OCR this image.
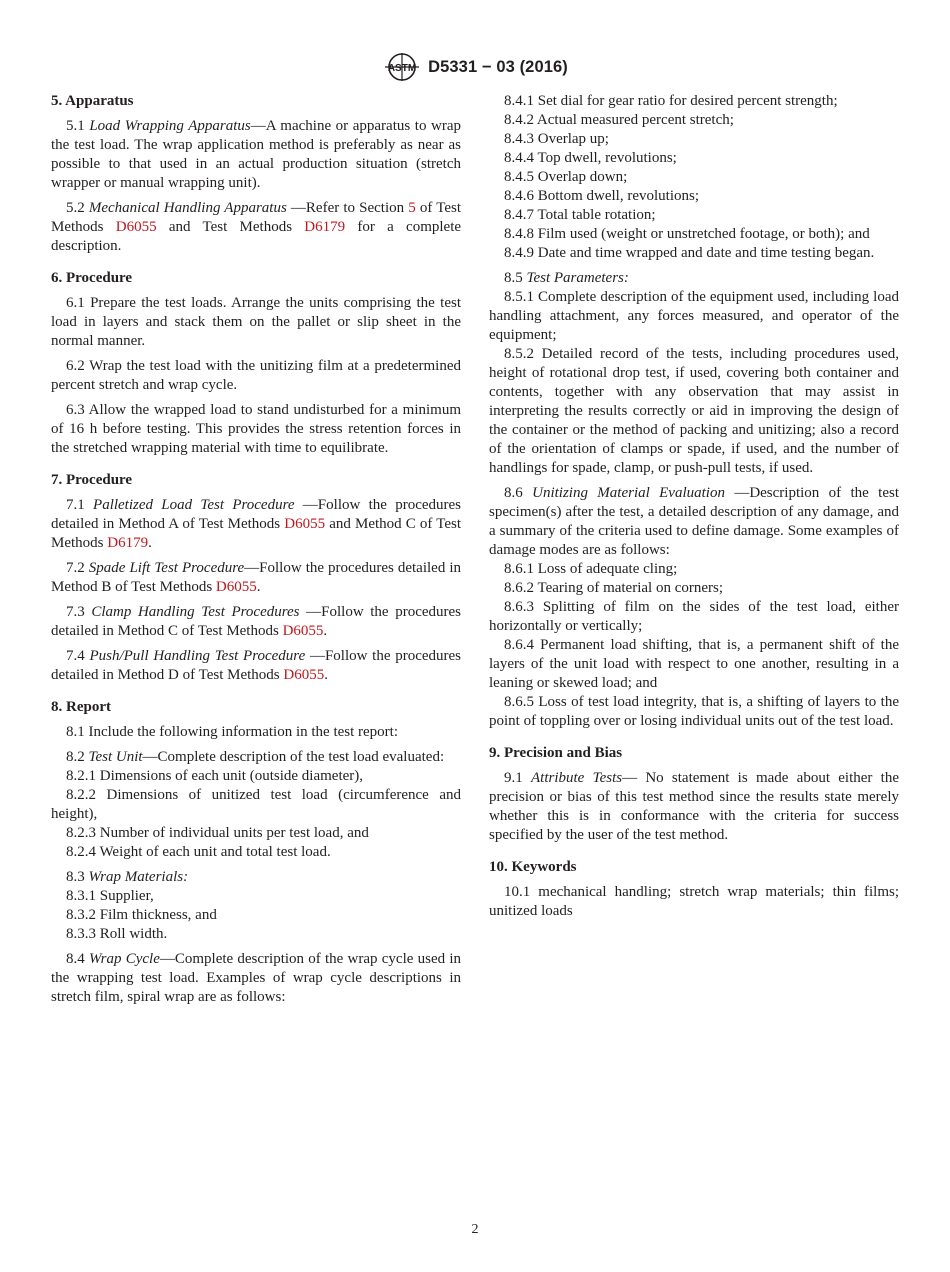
ASTM D5331 − 03 (2016)

5. Apparatus

5.1 Load Wrapping Apparatus—A machine or apparatus to wrap the test load. The wrap application method is preferably as near as possible to that used in an actual production situation (stretch wrapper or manual wrapping unit).

5.2 Mechanical Handling Apparatus —Refer to Section 5 of Test Methods D6055 and Test Methods D6179 for a complete description.

6. Procedure

6.1 Prepare the test loads. Arrange the units comprising the test load in layers and stack them on the pallet or slip sheet in the normal manner.

6.2 Wrap the test load with the unitizing film at a predetermined percent stretch and wrap cycle.

6.3 Allow the wrapped load to stand undisturbed for a minimum of 16 h before testing. This provides the stress retention forces in the stretched wrapping material with time to equilibrate.

7. Procedure

7.1 Palletized Load Test Procedure —Follow the procedures detailed in Method A of Test Methods D6055 and Method C of Test Methods D6179.

7.2 Spade Lift Test Procedure—Follow the procedures detailed in Method B of Test Methods D6055.

7.3 Clamp Handling Test Procedures —Follow the procedures detailed in Method C of Test Methods D6055.

7.4 Push/Pull Handling Test Procedure —Follow the procedures detailed in Method D of Test Methods D6055.

8. Report

8.1 Include the following information in the test report:

8.2 Test Unit—Complete description of the test load evaluated:

8.2.1 Dimensions of each unit (outside diameter),

8.2.2 Dimensions of unitized test load (circumference and height),

8.2.3 Number of individual units per test load, and

8.2.4 Weight of each unit and total test load.

8.3 Wrap Materials:

8.3.1 Supplier,

8.3.2 Film thickness, and

8.3.3 Roll width.

8.4 Wrap Cycle—Complete description of the wrap cycle used in the wrapping test load. Examples of wrap cycle descriptions in stretch film, spiral wrap are as follows:

8.4.1 Set dial for gear ratio for desired percent strength;

8.4.2 Actual measured percent stretch;

8.4.3 Overlap up;

8.4.4 Top dwell, revolutions;

8.4.5 Overlap down;

8.4.6 Bottom dwell, revolutions;

8.4.7 Total table rotation;

8.4.8 Film used (weight or unstretched footage, or both); and

8.4.9 Date and time wrapped and date and time testing began.

8.5 Test Parameters:

8.5.1 Complete description of the equipment used, including load handling attachment, any forces measured, and operator of the equipment;

8.5.2 Detailed record of the tests, including procedures used, height of rotational drop test, if used, covering both container and contents, together with any observation that may assist in interpreting the results correctly or aid in improving the design of the container or the method of packing and unitizing; also a record of the orientation of clamps or spade, if used, and the number of handlings for spade, clamp, or push-pull tests, if used.

8.6 Unitizing Material Evaluation —Description of the test specimen(s) after the test, a detailed description of any damage, and a summary of the criteria used to define damage. Some examples of damage modes are as follows:

8.6.1 Loss of adequate cling;

8.6.2 Tearing of material on corners;

8.6.3 Splitting of film on the sides of the test load, either horizontally or vertically;

8.6.4 Permanent load shifting, that is, a permanent shift of the layers of the unit load with respect to one another, resulting in a leaning or skewed load; and

8.6.5 Loss of test load integrity, that is, a shifting of layers to the point of toppling over or losing individual units out of the test load.

9. Precision and Bias

9.1 Attribute Tests— No statement is made about either the precision or bias of this test method since the results state merely whether this is in conformance with the criteria for success specified by the user of the test method.

10. Keywords

10.1 mechanical handling; stretch wrap materials; thin films; unitized loads

2
